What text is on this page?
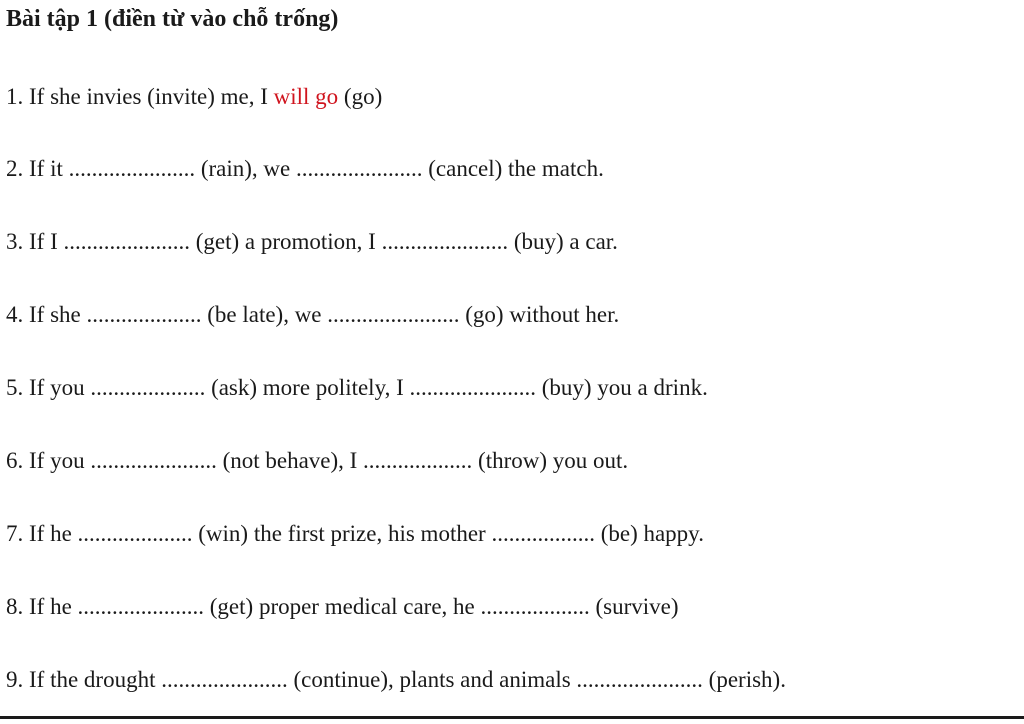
Bài tập 1 (điền từ vào chỗ trống)
1. If she invies (invite) me, I will go (go)
2. If it ...................... (rain), we ...................... (cancel) the match.
3. If I ...................... (get) a promotion, I ...................... (buy) a car.
4. If she .................... (be late), we ....................... (go) without her.
5. If you .................... (ask) more politely, I ...................... (buy) you a drink.
6. If you ...................... (not behave), I ................... (throw) you out.
7. If he .................... (win) the first prize, his mother .................. (be) happy.
8. If he ...................... (get) proper medical care, he ................... (survive)
9. If the drought ...................... (continue), plants and animals ...................... (perish).
